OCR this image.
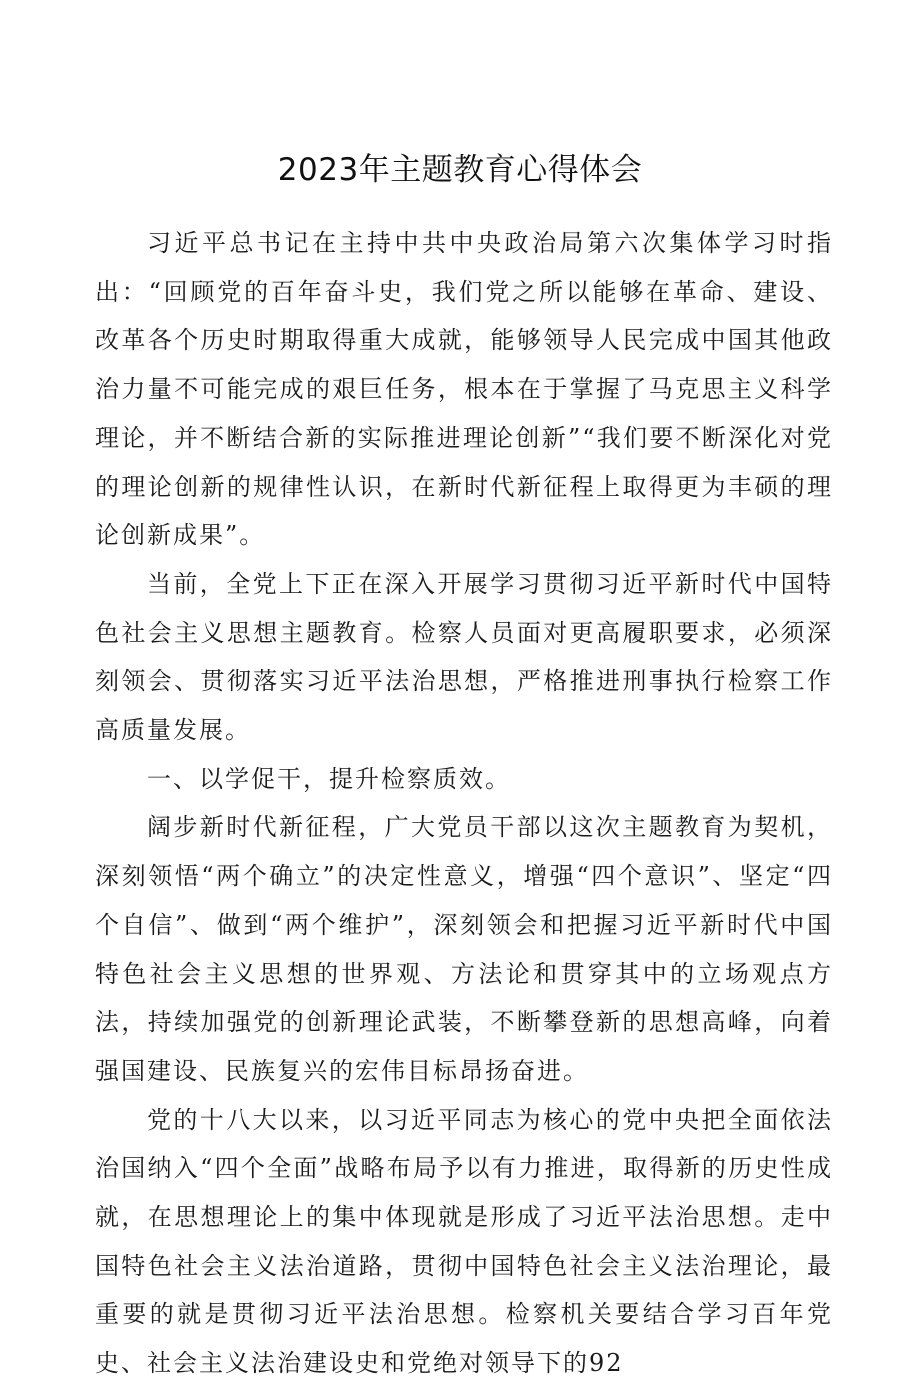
2023年主题教育心得体会

习近平总书记在主持中共中央政治局第六次集体学习时指出：“回顾党的百年奋斗史，我们党之所以能够在革命、建设、改革各个历史时期取得重大成就，能够领导人民完成中国其他政治力量不可能完成的艰巨任务，根本在于掌握了马克思主义科学理论，并不断结合新的实际推进理论创新”“我们要不断深化对党的理论创新的规律性认识，在新时代新征程上取得更为丰硕的理论创新成果”。

当前，全党上下正在深入开展学习贯彻习近平新时代中国特色社会主义思想主题教育。检察人员面对更高履职要求，必须深刻领会、贯彻落实习近平法治思想，严格推进刑事执行检察工作高质量发展。

一、以学促干，提升检察质效。

阔步新时代新征程，广大党员干部以这次主题教育为契机，深刻领悟“两个确立”的决定性意义，增强“四个意识”、坚定“四个自信”、做到“两个维护”，深刻领会和把握习近平新时代中国特色社会主义思想的世界观、方法论和贯穿其中的立场观点方法，持续加强党的创新理论武装，不断攀登新的思想高峰，向着强国建设、民族复兴的宏伟目标昂扬奋进。

党的十八大以来，以习近平同志为核心的党中央把全面依法治国纳入“四个全面”战略布局予以有力推进，取得新的历史性成就，在思想理论上的集中体现就是形成了习近平法治思想。走中国特色社会主义法治道路，贯彻中国特色社会主义法治理论，最重要的就是贯彻习近平法治思想。检察机关要结合学习百年党史、社会主义法治建设史和党绝对领导下的92
